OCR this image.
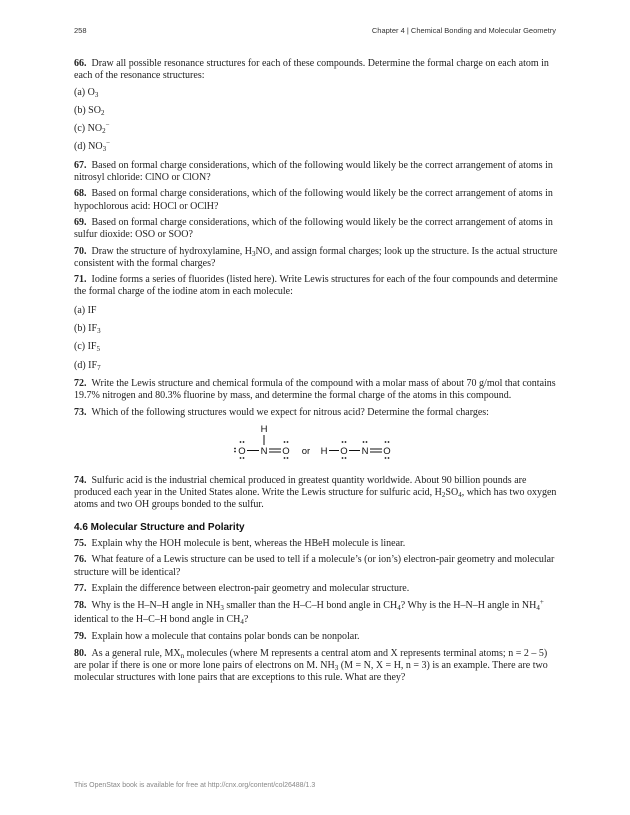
258	Chapter 4 | Chemical Bonding and Molecular Geometry
66. Draw all possible resonance structures for each of these compounds. Determine the formal charge on each atom in each of the resonance structures:
(a) $O_3$
(b) $SO_2$
(c) $NO_2^-$
(d) $NO_3^-$
67. Based on formal charge considerations, which of the following would likely be the correct arrangement of atoms in nitrosyl chloride: ClNO or ClON?
68. Based on formal charge considerations, which of the following would likely be the correct arrangement of atoms in hypochlorous acid: HOCl or OClH?
69. Based on formal charge considerations, which of the following would likely be the correct arrangement of atoms in sulfur dioxide: OSO or SOO?
70. Draw the structure of hydroxylamine, $H_3NO$, and assign formal charges; look up the structure. Is the actual structure consistent with the formal charges?
71. Iodine forms a series of fluorides (listed here). Write Lewis structures for each of the four compounds and determine the formal charge of the iodine atom in each molecule:
(a) IF
(b) $IF_3$
(c) $IF_5$
(d) $IF_7$
72. Write the Lewis structure and chemical formula of the compound with a molar mass of about 70 g/mol that contains 19.7% nitrogen and 80.3% fluorine by mass, and determine the formal charge of the atoms in this compound.
73. Which of the following structures would we expect for nitrous acid? Determine the formal charges:
H
O N O or H O N O
74. Sulfuric acid is the industrial chemical produced in greatest quantity worldwide. About 90 billion pounds are produced each year in the United States alone. Write the Lewis structure for sulfuric acid, $H_2SO_4$, which has two oxygen atoms and two OH groups bonded to the sulfur.
4.6 Molecular Structure and Polarity
75. Explain why the HOH molecule is bent, whereas the HBeH molecule is linear.
76. What feature of a Lewis structure can be used to tell if a molecule’s (or ion’s) electron-pair geometry and molecular structure will be identical?
77. Explain the difference between electron-pair geometry and molecular structure.
78. Why is the H–N–H angle in $NH_3$ smaller than the H–C–H bond angle in $CH_4$? Why is the H–N–H angle in $NH_4^+$ identical to the H–C–H bond angle in $CH_4$?
79. Explain how a molecule that contains polar bonds can be nonpolar.
80. As a general rule, $MX_n$ molecules (where M represents a central atom and X represents terminal atoms; n = 2 – 5) are polar if there is one or more lone pairs of electrons on M. $NH_3$ (M = N, X = H, n = 3) is an example. There are two molecular structures with lone pairs that are exceptions to this rule. What are they?
This OpenStax book is available for free at http://cnx.org/content/col26488/1.3
